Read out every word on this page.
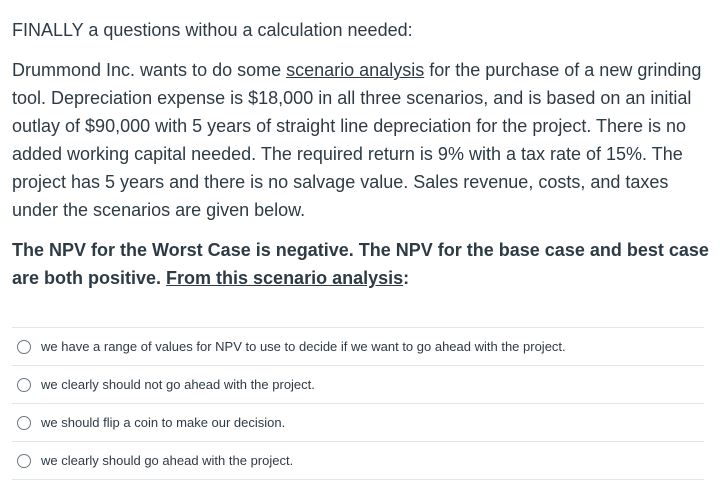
FINALLY a questions withou a calculation needed:

Drummond Inc. wants to do some scenario analysis for the purchase of a new grinding tool. Depreciation expense is $18,000 in all three scenarios, and is based on an initial outlay of $90,000 with 5 years of straight line depreciation for the project. There is no added working capital needed. The required return is 9% with a tax rate of 15%. The project has 5 years and there is no salvage value. Sales revenue, costs, and taxes under the scenarios are given below.

The NPV for the Worst Case is negative. The NPV for the base case and best case are both positive. From this scenario analysis:

we have a range of values for NPV to use to decide if we want to go ahead with the project.
we clearly should not go ahead with the project.
we should flip a coin to make our decision.
we clearly should go ahead with the project.
